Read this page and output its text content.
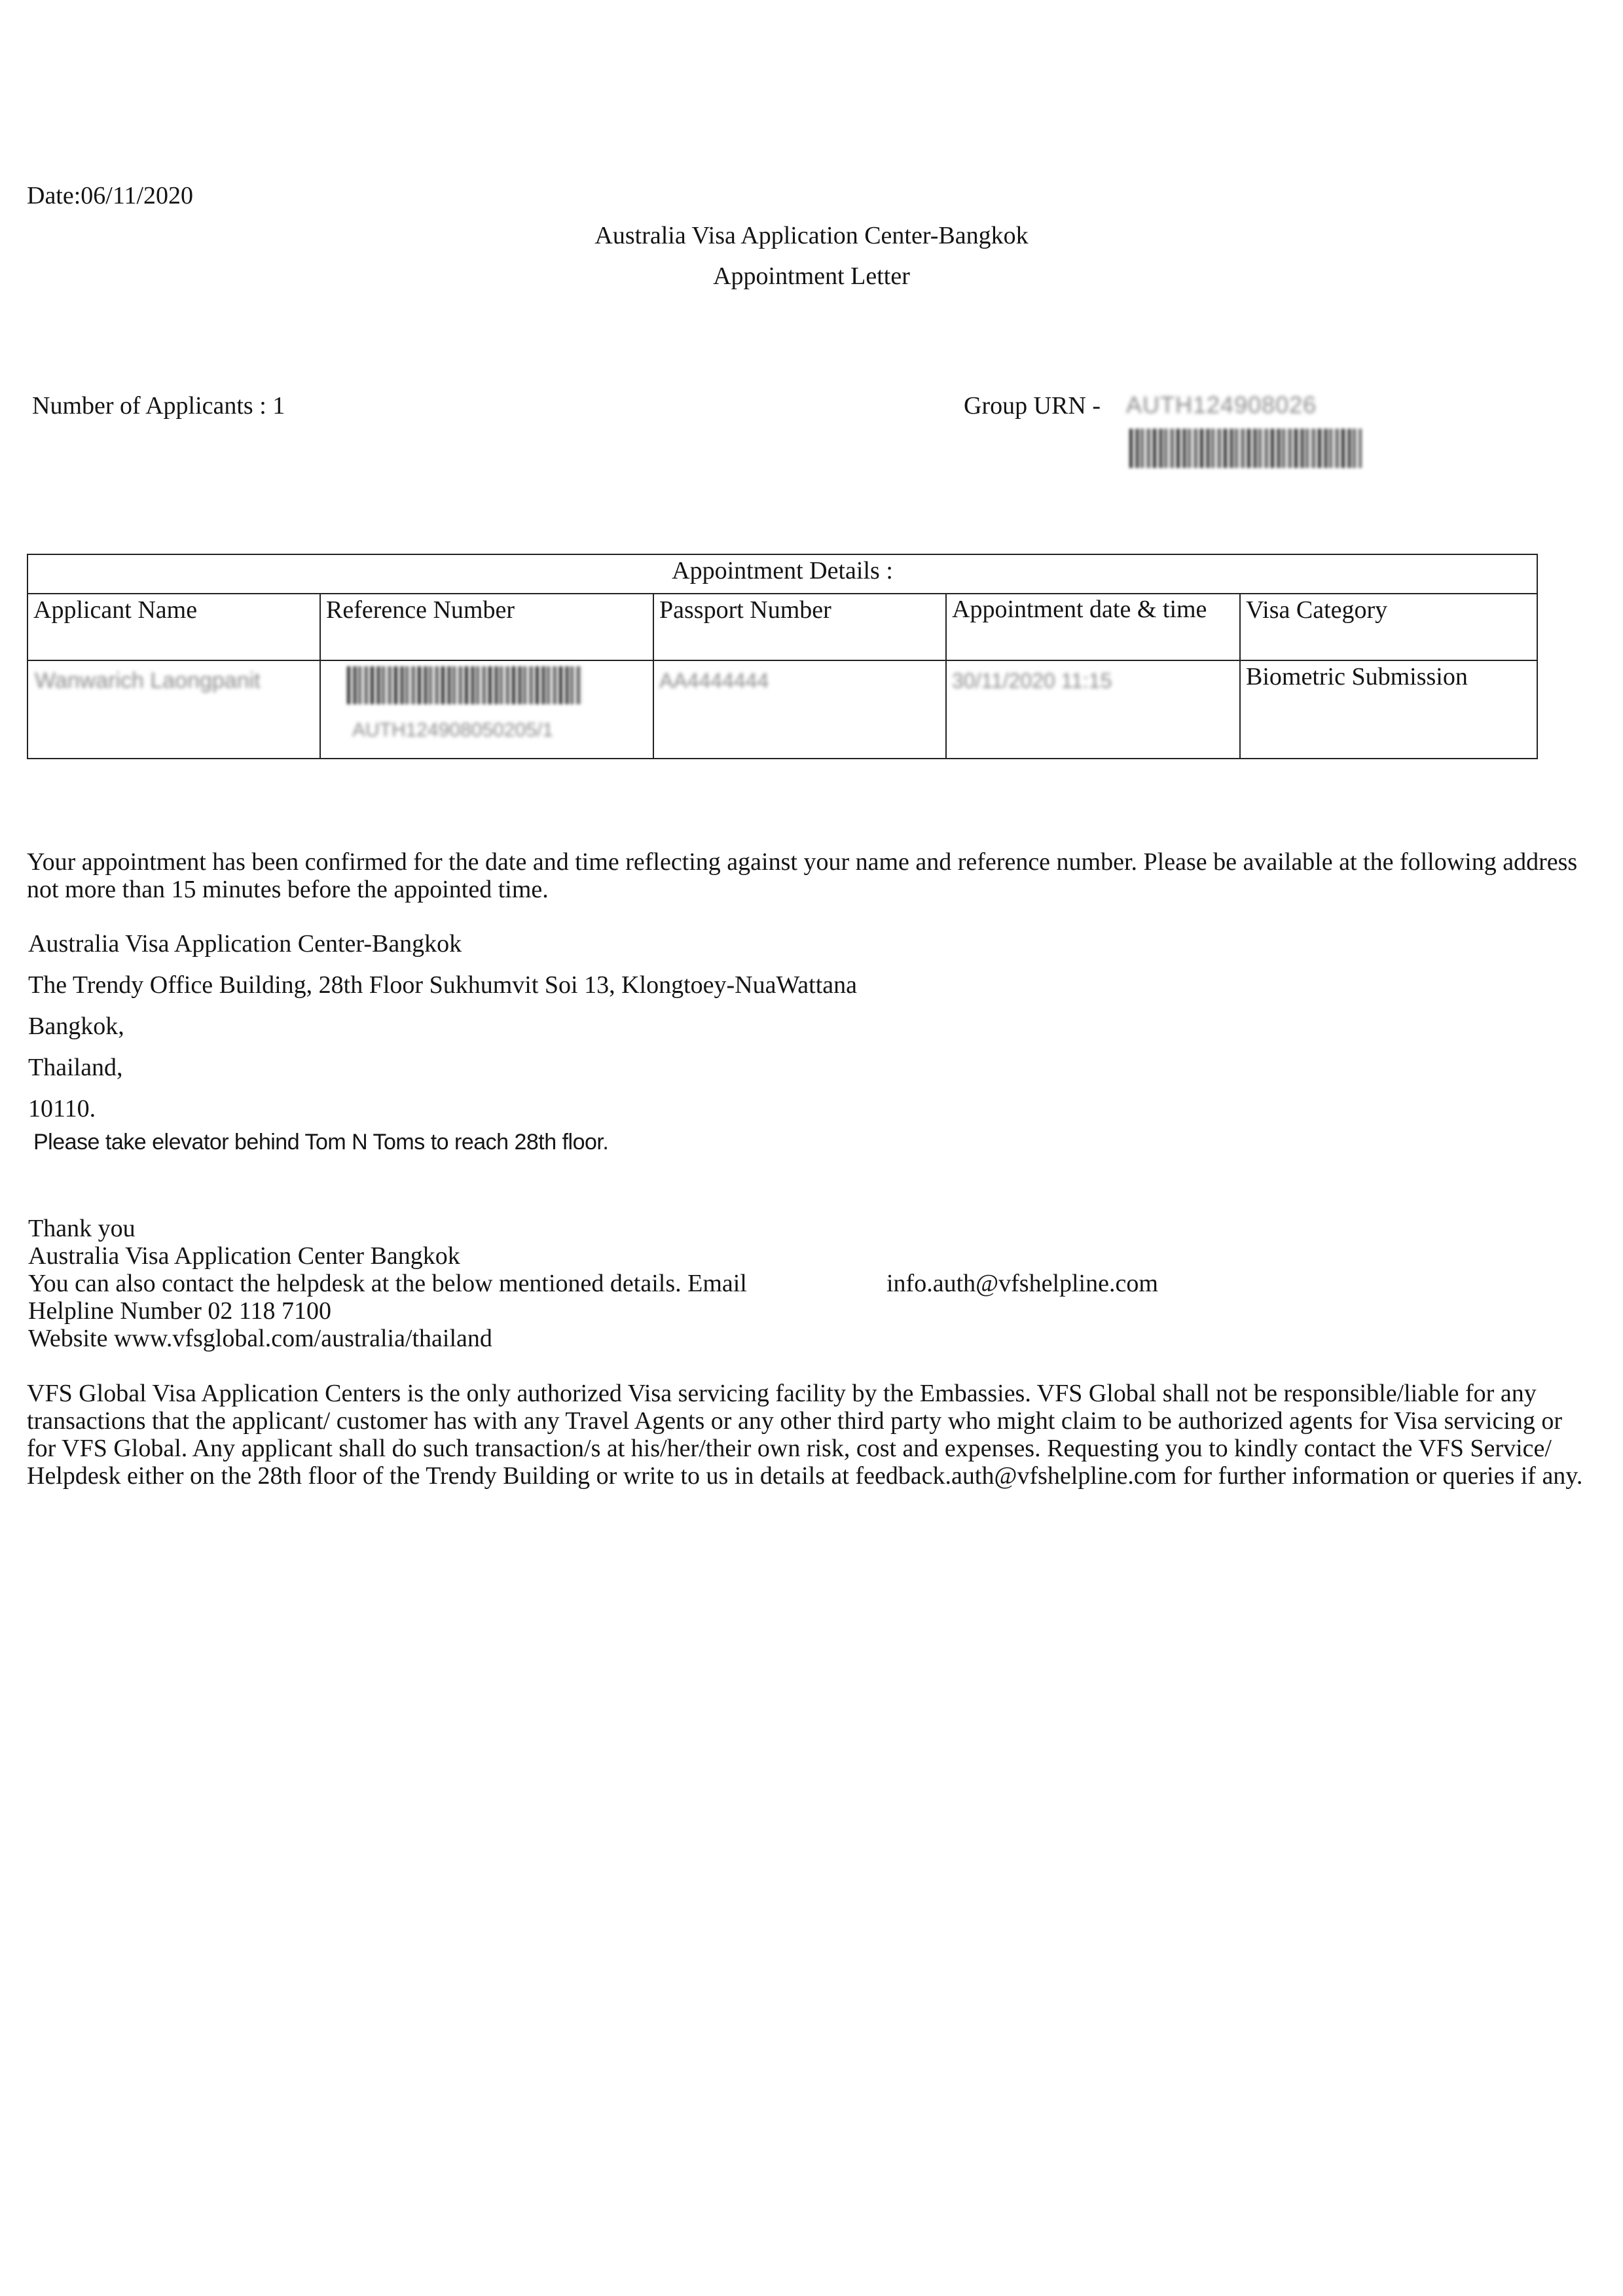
Date:06/11/2020
Australia Visa Application Center-Bangkok
Appointment Letter
Number of Applicants : 1	Group URN - AUTH124908026
Appointment Details :				
Applicant Name	Reference Number	Passport Number	Appointment date & time	Visa Category

Wanwarich Laongpanit	AUTH124908050205/1	AA4444444	30/11/2020 11:15	Biometric Submission
Your appointment has been confirmed for the date and time reflecting against your name and reference number. Please be available at the following address not more than 15 minutes before the appointed time.
Australia Visa Application Center-Bangkok
The Trendy Office Building, 28th Floor Sukhumvit Soi 13, Klongtoey-NuaWattana
Bangkok,
Thailand,
10110.
Please take elevator behind Tom N Toms to reach 28th floor.
Thank you
Australia Visa Application Center Bangkok
You can also contact the helpdesk at the below mentioned details. Email	info.auth@vfshelpline.com
Helpline Number 02 118 7100
Website www.vfsglobal.com/australia/thailand
VFS Global Visa Application Centers is the only authorized Visa servicing facility by the Embassies. VFS Global shall not be responsible/liable for any transactions that the applicant/ customer has with any Travel Agents or any other third party who might claim to be authorized agents for Visa servicing or for VFS Global. Any applicant shall do such transaction/s at his/her/their own risk, cost and expenses. Requesting you to kindly contact the VFS Service/ Helpdesk either on the 28th floor of the Trendy Building or write to us in details at feedback.auth@vfshelpline.com for further information or queries if any.
